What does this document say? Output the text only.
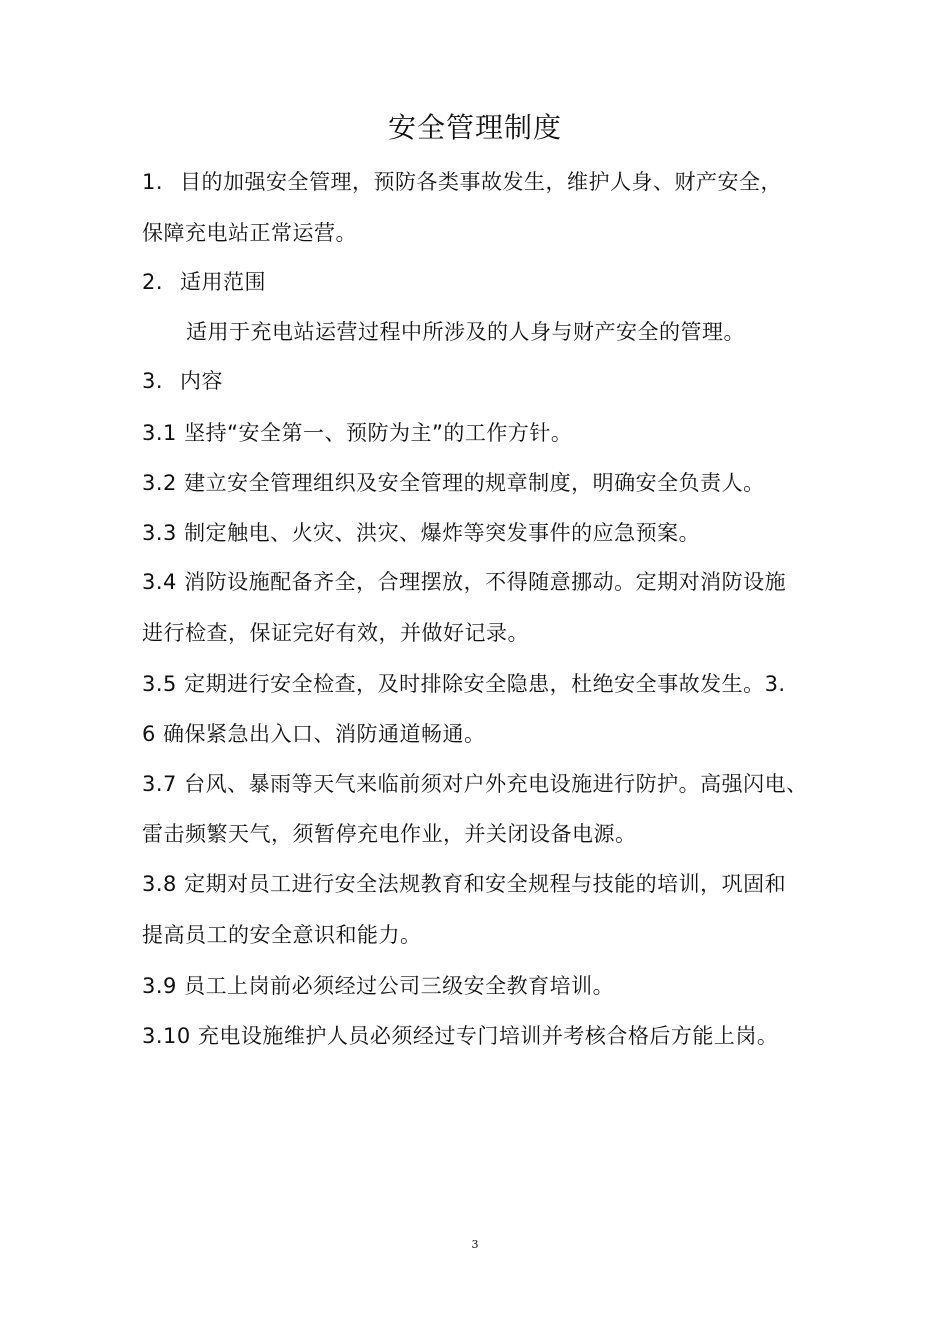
安全管理制度
1. 目的加强安全管理，预防各类事故发生，维护人身、财产安全，
保障充电站正常运营。
2. 适用范围
适用于充电站运营过程中所涉及的人身与财产安全的管理。
3. 内容
3.1 坚持“安全第一、预防为主”的工作方针。
3.2 建立安全管理组织及安全管理的规章制度，明确安全负责人。
3.3 制定触电、火灾、洪灾、爆炸等突发事件的应急预案。
3.4 消防设施配备齐全，合理摆放，不得随意挪动。定期对消防设施
进行检查，保证完好有效，并做好记录。
3.5 定期进行安全检查，及时排除安全隐患，杜绝安全事故发生。3.
6 确保紧急出入口、消防通道畅通。
3.7 台风、暴雨等天气来临前须对户外充电设施进行防护。高强闪电、
雷击频繁天气，须暂停充电作业，并关闭设备电源。
3.8 定期对员工进行安全法规教育和安全规程与技能的培训，巩固和
提高员工的安全意识和能力。
3.9 员工上岗前必须经过公司三级安全教育培训。
3.10 充电设施维护人员必须经过专门培训并考核合格后方能上岗。
3
